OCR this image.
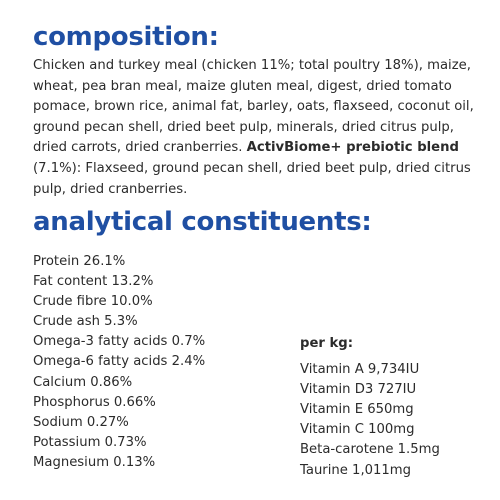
composition:

Chicken and turkey meal (chicken 11%; total poultry 18%), maize, wheat, pea bran meal, maize gluten meal, digest, dried tomato pomace, brown rice, animal fat, barley, oats, flaxseed, coconut oil, ground pecan shell, dried beet pulp, minerals, dried citrus pulp, dried carrots, dried cranberries. ActivBiome+ prebiotic blend (7.1%): Flaxseed, ground pecan shell, dried beet pulp, dried citrus pulp, dried cranberries.

analytical constituents:
Protein 26.1%
Fat content 13.2%
Crude fibre 10.0%
Crude ash 5.3%
Omega-3 fatty acids 0.7%
Omega-6 fatty acids 2.4%
Calcium 0.86%
Phosphorus 0.66%
Sodium 0.27%
Potassium 0.73%
Magnesium 0.13%

per kg:

Vitamin A 9,734IU
Vitamin D3 727IU
Vitamin E 650mg
Vitamin C 100mg
Beta-carotene 1.5mg
Taurine 1,011mg
